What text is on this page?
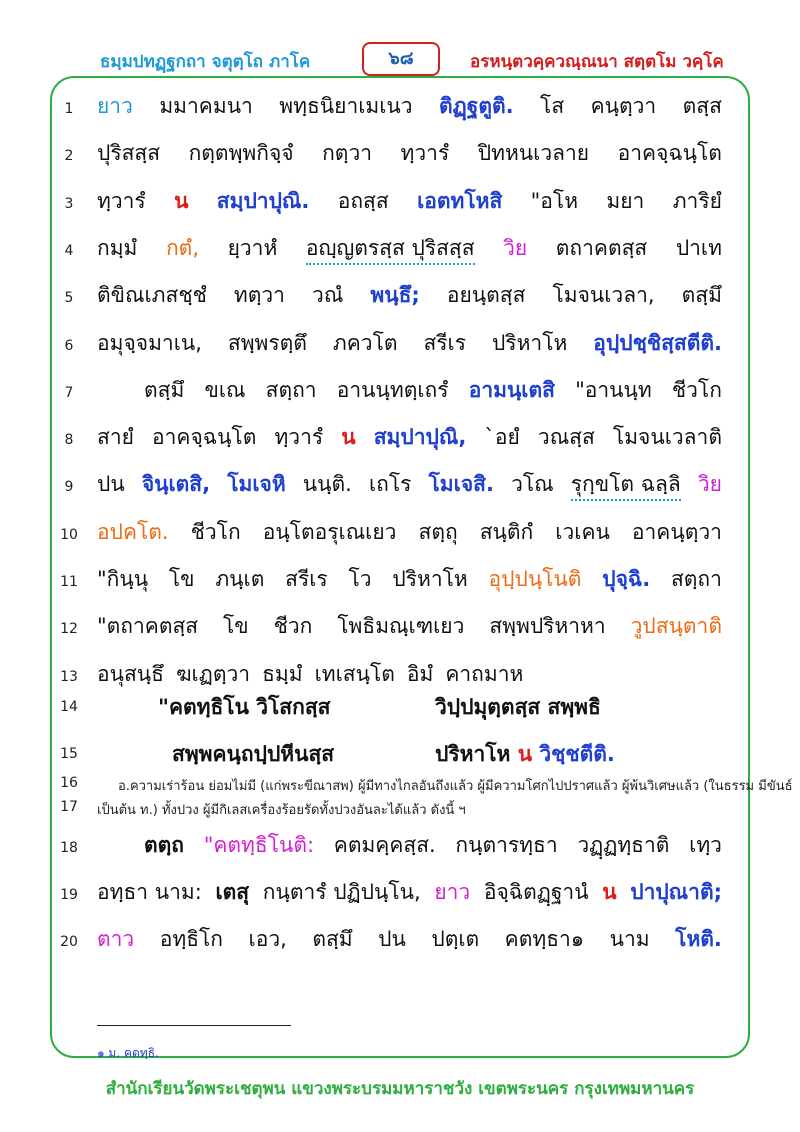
ธมฺมปทฏฺฐกถา จตุตฺโถ ภาโค	๖๘	อรหนฺตวคฺควณฺณนา สตฺตโม วคฺโค
1	ยาว มมาคมนา พทฺธนิยาเมเนว ติฏฺฐตูติ. โส คนฺตฺวา ตสฺส
2	ปุริสสฺส กตฺตพฺพกิจฺจํ กตฺวา ทฺวารํ ปิทหนเวลาย อาคจฺฉนฺโต
3	ทฺวารํ น สมฺปาปุณิ. อถสฺส เอตทโหสิ "อโห มยา ภาริยํ
4	กมฺมํ กตํ, ยฺวาหํ อญฺญตรสฺส ปุริสสฺส วิย ตถาคตสฺส ปาเท
5	ติขิณเภสชฺชํ ทตฺวา วณํ พนฺธึ; อยนฺตสฺส โมจนเวลา, ตสฺมึ
6	อมุจฺจมาเน, สพฺพรตฺตึ ภควโต สรีเร ปริหาโห อุปฺปชฺชิสฺสตีติ.
7	ตสฺมึ ขเณ สตฺถา อานนฺทตฺเถรํ อามนฺเตสิ "อานนฺท ชีวโก
8	สายํ อาคจฺฉนฺโต ทฺวารํ น สมฺปาปุณิ, `อยํ วณสฺส โมจนเวลาติ
9	ปน จินฺเตสิ, โมเจหิ นนฺติ. เถโร โมเจสิ. วโณ รุกฺขโต ฉลฺลิ วิย
10 อปคโต. ชีวโก อนฺโตอรุเณเยว สตฺถุ สนฺติกํ เวเคน อาคนฺตฺวา
11 "กินฺนุ โข ภนฺเต สรีเร โว ปริหาโห อุปฺปนฺโนติ ปุจฺฉิ. สตฺถา
12 "ตถาคตสฺส โข ชีวก โพธิมณฺเฑเยว สพฺพปริหาหา วูปสนฺตาติ
13 อนุสนฺธึ ฆเฏตฺวา ธมฺมํ เทเสนฺโต อิมํ คาถมาห
14	"คตทฺธิโน วิโสกสฺส	วิปฺปมุตฺตสฺส สพฺพธิ
15	สพฺพคนฺถปฺปหีนสฺส	ปริหาโห น วิชฺชตีติ.
16	อ.ความเร่าร้อน ย่อมไม่มี (แก่พระขีณาสพ) ผู้มีทางไกลอันถึงแล้ว ผู้มีความโศกไปปราศแล้ว ผู้พ้นวิเศษแล้ว (ในธรรม มีขันธ์
17	เป็นต้น ท.) ทั้งปวง ผู้มีกิเลสเครื่องร้อยรัดทั้งปวงอันละได้แล้ว ดังนี้ ฯ
18	ตตฺถ "คตทฺธิโนติ: คตมคฺคสฺส. กนฺตารทฺธา วฏฺฏทฺธาติ เทฺว
19 อทฺธา นาม: เตสุ กนฺตารํ ปฏิปนฺโน, ยาว อิจฺฉิตฏฺฐานํ น ปาปุณาติ;
20 ตาว อทฺธิโก เอว, ตสฺมึ ปน ปตฺเต คตทฺธา๑ นาม โหติ.
๑ ม. คตทฺธิ.
สำนักเรียนวัดพระเชตุพน แขวงพระบรมมหาราชวัง เขตพระนคร กรุงเทพมหานคร
